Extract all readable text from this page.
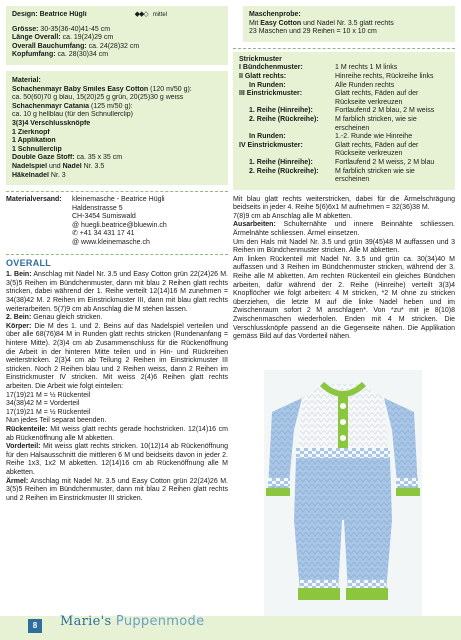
Design: Beatrice Hügli	◆◆◇ mittel
Grösse: 30-35(36-40)41-45 cm
Länge Overall: ca. 19(24)29 cm
Overall Bauchumfang: ca. 24(28)32 cm
Kopfumfang: ca. 28(30)34 cm
Material:
Schachenmayr Baby Smiles Easy Cotton (120 m/50 g):
ca. 50(60)70 g blau, 15(20)25 g grün, 20(25)30 g weiss
Schachenmayr Catania (125 m/50 g):
ca. 10 g hellblau (für den Schnullerclip)
3(3)4 Verschlussknöpfe
1 Zierknopf
1 Applikation
1 Schnullerclip
Double Gaze Stoff: ca. 35 x 35 cm
Nadelspiel und Nadel Nr. 3.5
Häkelnadel Nr. 3
Materialversand:	kleinemasche - Beatrice Hügli
Haldenstrasse 5
CH-3454 Sumiswald
@ huegli.beatrice@bluewin.ch
✆ +41 34 431 17 41
@ www.kleinemasche.ch
OVERALL
1. Bein: Anschlag mit Nadel Nr. 3.5 und Easy Cotton grün 22(24)26 M. 3(5)5 Reihen im Bündchenmuster, dann mit blau 2 Reihen glatt rechts stricken, dabei während der 1. Reihe verteilt 12(14)16 M zunehmen = 34(38)42 M. 2 Reihen im Einstrickmuster III, dann mit blau glatt rechts weiterarbeiten. 5(7)9 cm ab Anschlag die M stehen lassen.
2. Bein: Genau gleich stricken.
Körper: Die M des 1. und 2. Beins auf das Nadelspiel verteilen und über alle 68(76)84 M in Runden glatt rechts stricken (Rundenanfang = hintere Mitte). 2(3)4 cm ab Zusammenschluss für die Rückenöffnung die Arbeit in der hinteren Mitte teilen und in Hin- und Rückreihen weiterstricken. 2(3)4 cm ab Teilung 2 Reihen im Einstrickmuster III stricken. Noch 2 Reihen blau und 2 Reihen weiss, dann 2 Reihen im Einstrickmuster IV stricken. Mit weiss 2(4)6 Reihen glatt rechts arbeiten. Die Arbeit wie folgt einteilen:
17(19)21 M = ½ Rückenteil
34(38)42 M = Vorderteil
17(19)21 M = ½ Rückenteil
Nun jedes Teil separat beenden.
Rückenteile: Mit weiss glatt rechts gerade hochstricken. 12(14)16 cm ab Rückenöffnung alle M abketten.
Vorderteil: Mit weiss glatt rechts stricken. 10(12)14 ab Rückenöffnung für den Halsausschnitt die mittleren 6 M und beidseits davon in jeder 2. Reihe 1x3, 1x2 M abketten. 12(14)16 cm ab Rückenöffnung alle M abketten.
Ärmel: Anschlag mit Nadel Nr. 3.5 und Easy Cotton grün 22(24)26 M. 3(5)5 Reihen im Bündchenmuster, dann mit blau 2 Reihen glatt rechts und 2 Reihen im Einstrickmuster III stricken.
Maschenprobe:
Mit Easy Cotton und Nadel Nr. 3.5 glatt rechts
23 Maschen und 29 Reihen = 10 x 10 cm
Strickmuster
I Bündchenmuster:	1 M rechts 1 M links
II Glatt rechts:	Hinreihe rechts, Rückreihe links
In Runden:	Alle Runden rechts
III Einstrickmuster:	Glatt rechts, Fäden auf der
	Rückseite verkreuzen
1. Reihe (Hinreihe):	Fortlaufend 2 M blau, 2 M weiss
2. Reihe (Rückreihe):	M farblich stricken, wie sie
	erscheinen
In Runden:	1.-2. Runde wie Hinreihe
IV Einstrickmuster:	Glatt rechts, Fäden auf der
	Rückseite verkreuzen
1. Reihe (Hinreihe):	Fortlaufend 2 M weiss, 2 M blau
2. Reihe (Rückreihe):	M farblich stricken wie sie
	erscheinen
Mit blau glatt rechts weiterstricken, dabei für die Ärmelschrägung beidseits in jeder 4. Reihe 5(6)6x1 M aufnehmen = 32(36)38 M.
7(8)9 cm ab Anschlag alle M abketten.
Ausarbeiten: Schulternähte und innere Beinnähte schliessen. Ärmelnähte schliessen. Ärmel einsetzen.
Um den Hals mit Nadel Nr. 3.5 und grün 39(45)48 M auffassen und 3 Reihen im Bündchenmuster stricken. Alle M abketten.
Am linken Rückenteil mit Nadel Nr. 3.5 und grün ca. 30(34)40 M auffassen und 3 Reihen im Bündchenmuster stricken, während der 3. Reihe alle M abketten. Am rechten Rückenteil ein gleiches Bündchen arbeiten, dafür während der 2. Reihe (Hinreihe) verteilt 3(3)4 Knopflöcher wie folgt arbeiten: 4 M stricken, *2 M ohne zu stricken überziehen, die letzte M auf die linke Nadel heben und im Zwischenraum sofort 2 M anschlagen*. Von *zu* mit je 8(10)8 Zwischenmaschen wiederholen. Enden mit 4 M stricken. Die Verschlussknöpfe passend an die Gegenseite nähen. Die Applikation gemäss Bild auf das Vorderteil nähen.
8	Marie's Puppenmode
